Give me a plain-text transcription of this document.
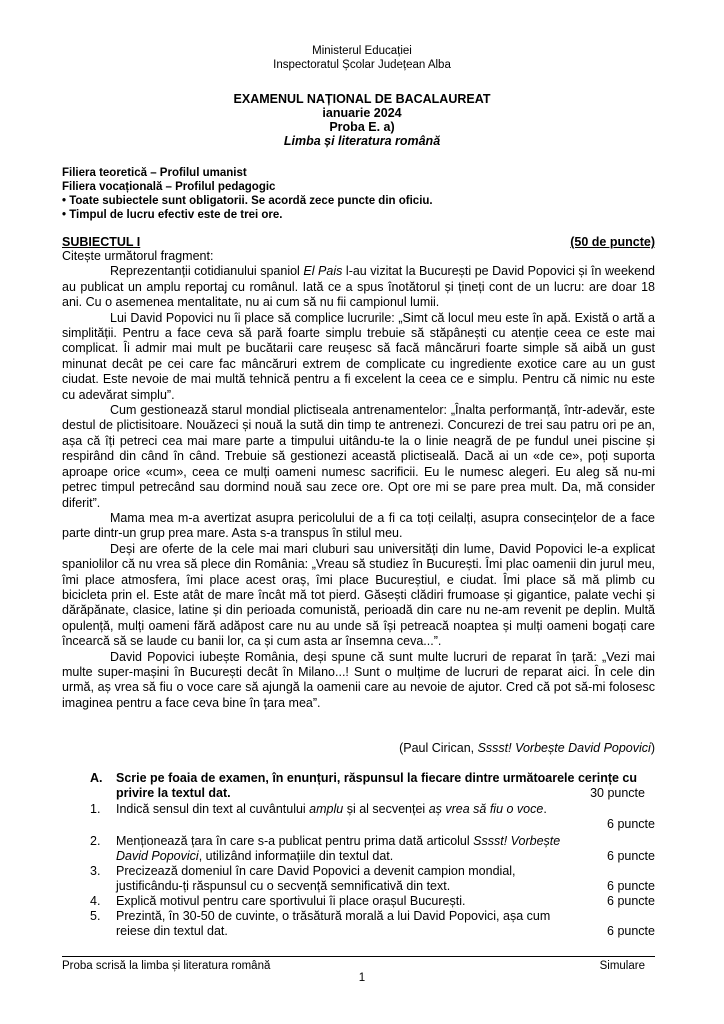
Ministerul Educației
Inspectoratul Școlar Județean Alba
EXAMENUL NAȚIONAL DE BACALAUREAT
ianuarie 2024
Proba E. a)
Limba și literatura română
Filiera teoretică – Profilul umanist
Filiera vocațională – Profilul pedagogic
• Toate subiectele sunt obligatorii. Se acordă zece puncte din oficiu.
• Timpul de lucru efectiv este de trei ore.
SUBIECTUL I	(50 de puncte)

Citește următorul fragment:

Reprezentanții cotidianului spaniol El Pais l-au vizitat la București pe David Popovici și în weekend au publicat un amplu reportaj cu românul. Iată ce a spus înotătorul și țineți cont de un lucru: are doar 18 ani. Cu o asemenea mentalitate, nu ai cum să nu fii campionul lumii.

Lui David Popovici nu îi place să complice lucrurile: „Simt că locul meu este în apă. Există o artă a simplității. Pentru a face ceva să pară foarte simplu trebuie să stăpânești cu atenție ceea ce este mai complicat. Îi admir mai mult pe bucătarii care reușesc să facă mâncăruri foarte simple să aibă un gust minunat decât pe cei care fac mâncăruri extrem de complicate cu ingrediente exotice care au un gust ciudat. Este nevoie de mai multă tehnică pentru a fi excelent la ceea ce e simplu. Pentru că nimic nu este cu adevărat simplu”.

Cum gestionează starul mondial plictiseala antrenamentelor: „Înalta performanță, într-adevăr, este destul de plictisitoare. Nouăzeci și nouă la sută din timp te antrenezi. Concurezi de trei sau patru ori pe an, așa că îți petreci cea mai mare parte a timpului uitându-te la o linie neagră de pe fundul unei piscine și respirând din când în când. Trebuie să gestionezi această plictiseală. Dacă ai un «de ce», poți suporta aproape orice «cum», ceea ce mulți oameni numesc sacrificii. Eu le numesc alegeri. Eu aleg să nu-mi petrec timpul petrecând sau dormind nouă sau zece ore. Opt ore mi se pare prea mult. Da, mă consider diferit”.

Mama mea m-a avertizat asupra pericolului de a fi ca toți ceilalți, asupra consecințelor de a face parte dintr-un grup prea mare. Asta s-a transpus în stilul meu.

Deși are oferte de la cele mai mari cluburi sau universități din lume, David Popovici le-a explicat spaniolilor că nu vrea să plece din România: „Vreau să studiez în București. Îmi plac oamenii din jurul meu, îmi place atmosfera, îmi place acest oraș, îmi place Bucureștiul, e ciudat. Îmi place să mă plimb cu bicicleta prin el. Este atât de mare încât mă tot pierd. Găsești clădiri frumoase și gigantice, palate vechi și dărăpănate, clasice, latine și din perioada comunistă, perioadă din care nu ne-am revenit pe deplin. Multă opulență, mulți oameni fără adăpost care nu au unde să își petreacă noaptea și mulți oameni bogați care încearcă să se laude cu banii lor, ca și cum asta ar însemna ceva...”.

David Popovici iubește România, deși spune că sunt multe lucruri de reparat în țară: „Vezi mai multe super-mașini în București decât în Milano...! Sunt o mulțime de lucruri de reparat aici. În cele din urmă, aș vrea să fiu o voce care să ajungă la oamenii care au nevoie de ajutor. Cred că pot să-mi folosesc imaginea pentru a face ceva bine în țara mea”.

(Paul Cirican, Sssst! Vorbește David Popovici)
A. Scrie pe foaia de examen, în enunțuri, răspunsul la fiecare dintre următoarele cerințe cu privire la textul dat.	30 puncte
1. Indică sensul din text al cuvântului amplu și al secvenței aș vrea să fiu o voce.
6 puncte
2. Menționează țara în care s-a publicat pentru prima dată articolul Sssst! Vorbește David Popovici, utilizând informațiile din textul dat.	6 puncte
3. Precizează domeniul în care David Popovici a devenit campion mondial, justificându-ți răspunsul cu o secvență semnificativă din text.	6 puncte
4. Explică motivul pentru care sportivului îi place orașul București.	6 puncte
5. Prezintă, în 30-50 de cuvinte, o trăsătură morală a lui David Popovici, așa cum reiese din textul dat.	6 puncte
Proba scrisă la limba și literatura română	Simulare
1
